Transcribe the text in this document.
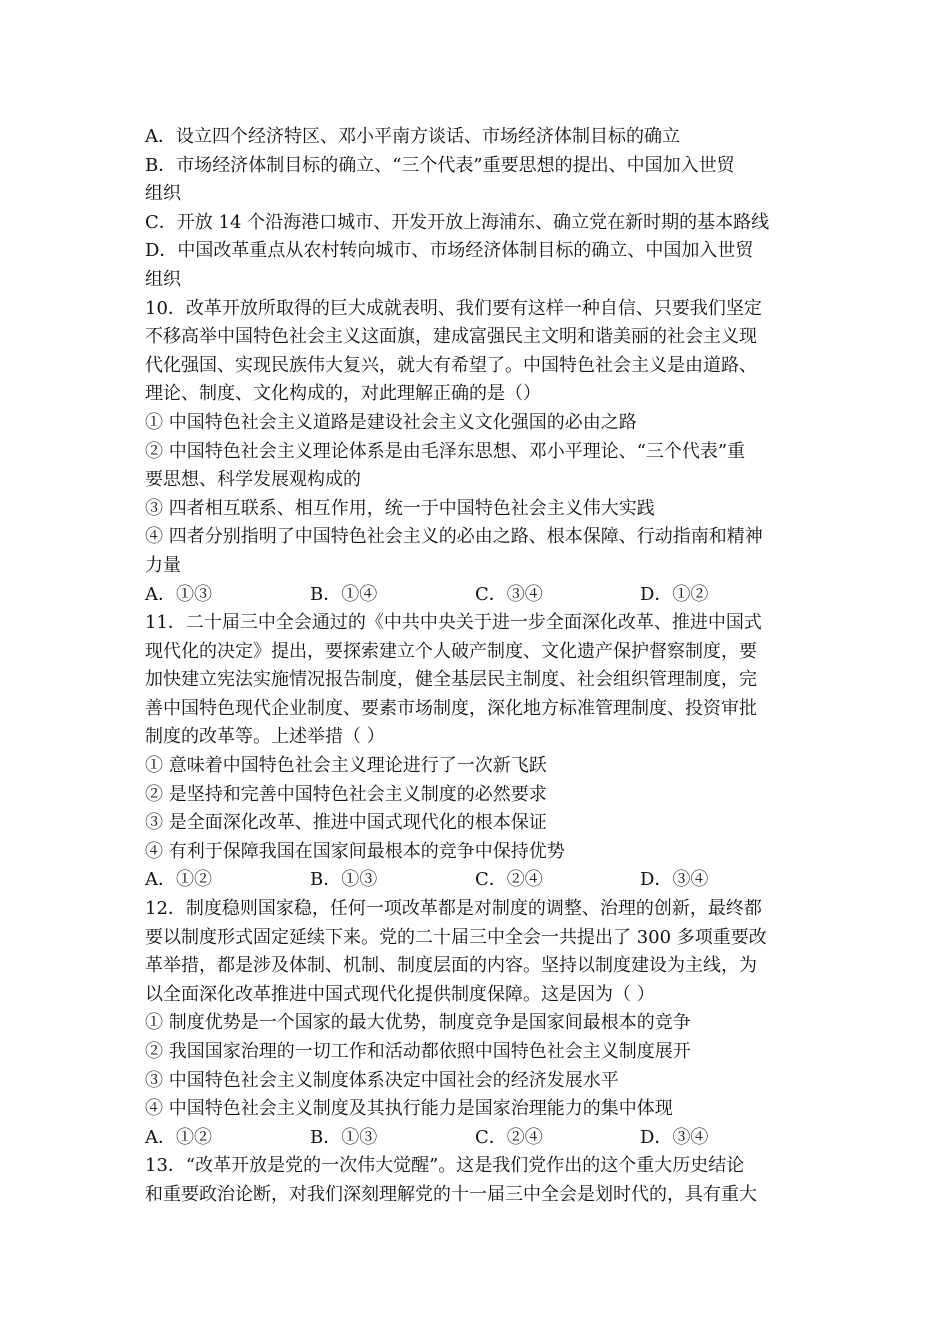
A．设立四个经济特区、邓小平南方谈话、市场经济体制目标的确立
B．市场经济体制目标的确立、“三个代表”重要思想的提出、中国加入世贸
组织
C．开放 14 个沿海港口城市、开发开放上海浦东、确立党在新时期的基本路线
D．中国改革重点从农村转向城市、市场经济体制目标的确立、中国加入世贸
组织
10．改革开放所取得的巨大成就表明、我们要有这样一种自信、只要我们坚定
不移高举中国特色社会主义这面旗，建成富强民主文明和谐美丽的社会主义现
代化强国、实现民族伟大复兴，就大有希望了。中国特色社会主义是由道路、
理论、制度、文化构成的，对此理解正确的是（）
① 中国特色社会主义道路是建设社会主义文化强国的必由之路
② 中国特色社会主义理论体系是由毛泽东思想、邓小平理论、“三个代表”重
要思想、科学发展观构成的
③ 四者相互联系、相互作用，统一于中国特色社会主义伟大实践
④ 四者分别指明了中国特色社会主义的必由之路、根本保障、行动指南和精神
力量
A．①③	B．①④	C．③④	D．①②
11．二十届三中全会通过的《中共中央关于进一步全面深化改革、推进中国式
现代化的决定》提出，要探索建立个人破产制度、文化遗产保护督察制度，要
加快建立宪法实施情况报告制度，健全基层民主制度、社会组织管理制度，完
善中国特色现代企业制度、要素市场制度，深化地方标准管理制度、投资审批
制度的改革等。上述举措（ ）
① 意味着中国特色社会主义理论进行了一次新飞跃
② 是坚持和完善中国特色社会主义制度的必然要求
③ 是全面深化改革、推进中国式现代化的根本保证
④ 有利于保障我国在国家间最根本的竞争中保持优势
A．①②	B．①③	C．②④	D．③④
12．制度稳则国家稳，任何一项改革都是对制度的调整、治理的创新，最终都
要以制度形式固定延续下来。党的二十届三中全会一共提出了 300 多项重要改
革举措，都是涉及体制、机制、制度层面的内容。坚持以制度建设为主线，为
以全面深化改革推进中国式现代化提供制度保障。这是因为（ ）
① 制度优势是一个国家的最大优势，制度竞争是国家间最根本的竞争
② 我国国家治理的一切工作和活动都依照中国特色社会主义制度展开
③ 中国特色社会主义制度体系决定中国社会的经济发展水平
④ 中国特色社会主义制度及其执行能力是国家治理能力的集中体现
A．①②	B．①③	C．②④	D．③④
13．“改革开放是党的一次伟大觉醒”。这是我们党作出的这个重大历史结论
和重要政治论断，对我们深刻理解党的十一届三中全会是划时代的，具有重大
